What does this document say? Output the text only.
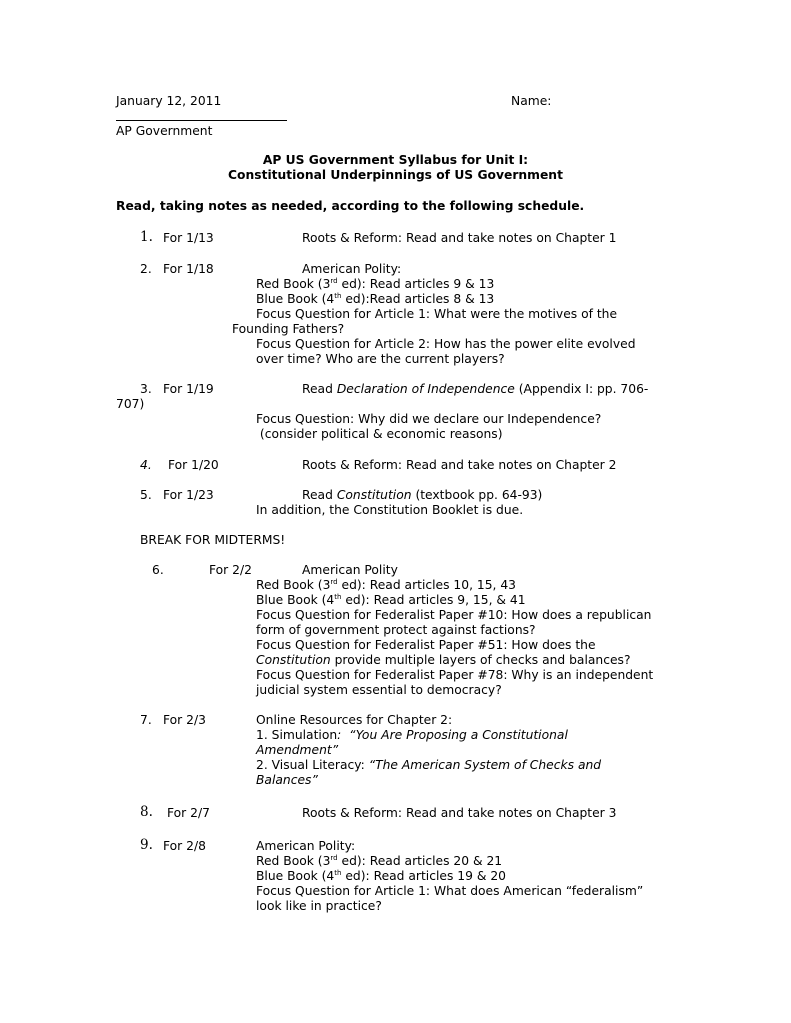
January 12, 2011	Name:
AP Government
AP US Government Syllabus for Unit I:
Constitutional Underpinnings of US Government
Read, taking notes as needed, according to the following schedule.
1. For 1/13	Roots & Reform: Read and take notes on Chapter 1
2. For 1/18	American Polity:
Red Book (3rd ed): Read articles 9 & 13
Blue Book (4th ed):Read articles 8 & 13
Focus Question for Article 1: What were the motives of the
Founding Fathers?
Focus Question for Article 2: How has the power elite evolved
over time? Who are the current players?
3. For 1/19	Read Declaration of Independence (Appendix I: pp. 706-
707)
Focus Question: Why did we declare our Independence?
(consider political & economic reasons)
4. For 1/20	Roots & Reform: Read and take notes on Chapter 2
5. For 1/23	Read Constitution (textbook pp. 64-93)
In addition, the Constitution Booklet is due.
BREAK FOR MIDTERMS!
6.	For 2/2	American Polity
Red Book (3rd ed): Read articles 10, 15, 43
Blue Book (4th ed): Read articles 9, 15, & 41
Focus Question for Federalist Paper #10: How does a republican
form of government protect against factions?
Focus Question for Federalist Paper #51: How does the
Constitution provide multiple layers of checks and balances?
Focus Question for Federalist Paper #78: Why is an independent
judicial system essential to democracy?
7. For 2/3	Online Resources for Chapter 2:
1. Simulation:  “You Are Proposing a Constitutional
Amendment”
2. Visual Literacy: “The American System of Checks and
Balances”
8. For 2/7	Roots & Reform: Read and take notes on Chapter 3
9. For 2/8	American Polity:
Red Book (3rd ed): Read articles 20 & 21
Blue Book (4th ed): Read articles 19 & 20
Focus Question for Article 1: What does American “federalism”
look like in practice?
